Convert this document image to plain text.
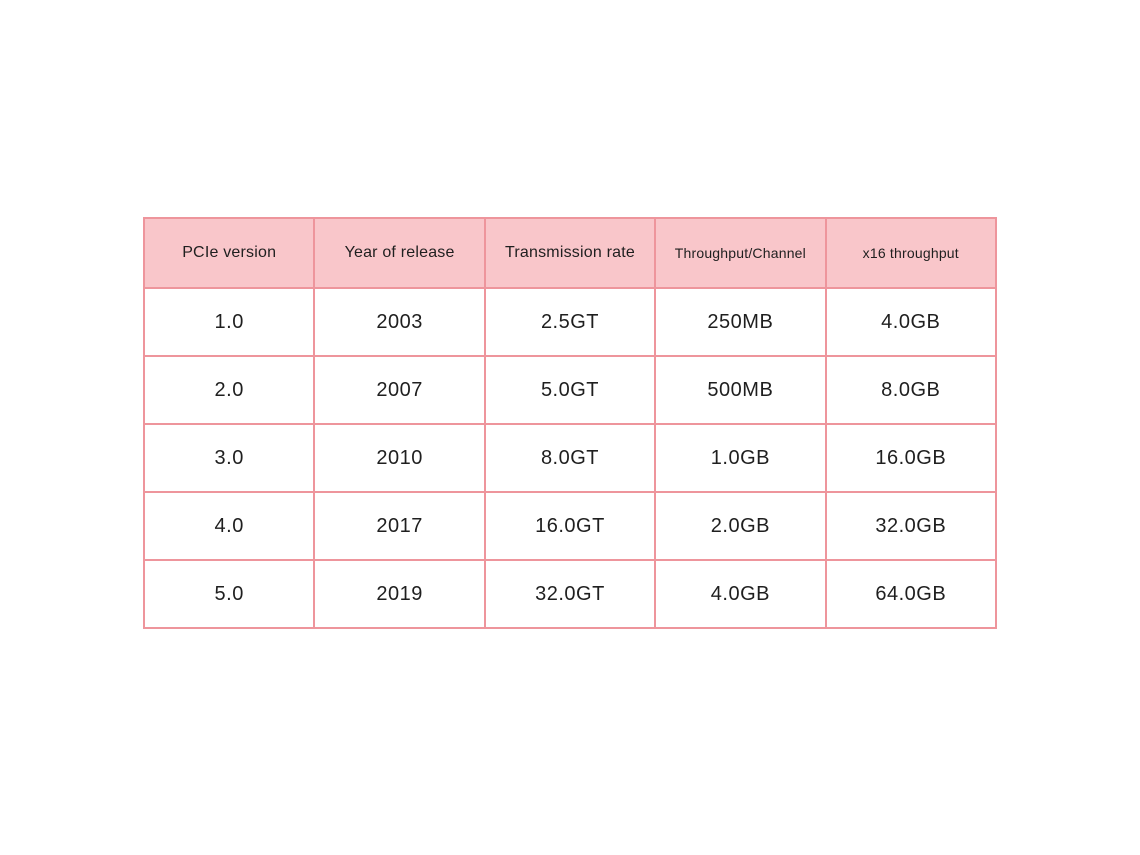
PCIe version	Year of release	Transmission rate	Throughput/Channel	x16 throughput
1.0	2003	2.5GT	250MB	4.0GB
2.0	2007	5.0GT	500MB	8.0GB
3.0	2010	8.0GT	1.0GB	16.0GB
4.0	2017	16.0GT	2.0GB	32.0GB
5.0	2019	32.0GT	4.0GB	64.0GB
